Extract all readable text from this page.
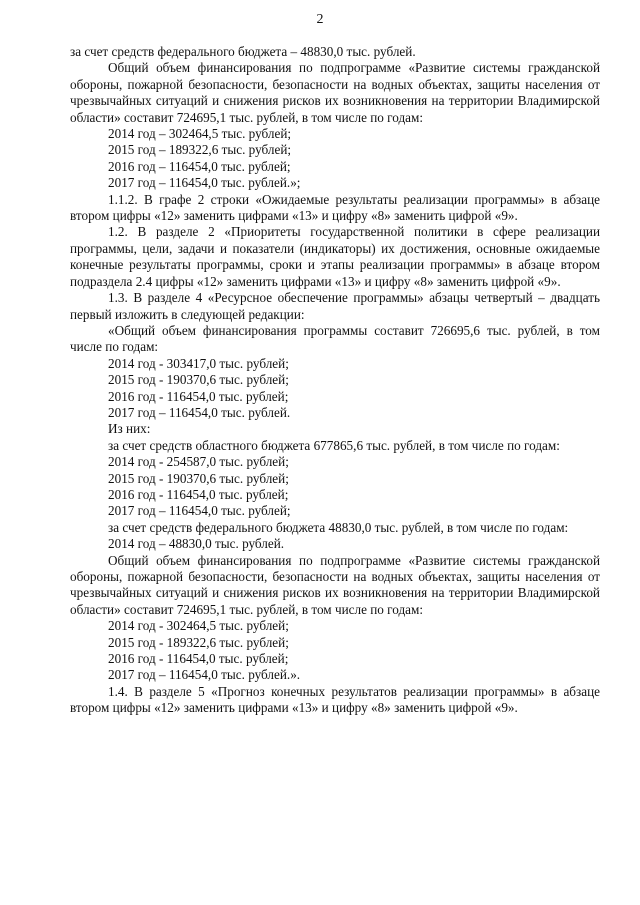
2

за счет средств федерального бюджета – 48830,0 тыс. рублей.

Общий объем финансирования по подпрограмме «Развитие системы гражданской обороны, пожарной безопасности, безопасности на водных объектах, защиты населения от чрезвычайных ситуаций и снижения рисков их возникновения на территории Владимирской области» составит 724695,1 тыс. рублей, в том числе по годам:

2014 год – 302464,5 тыс. рублей;

2015 год – 189322,6 тыс. рублей;

2016 год – 116454,0 тыс. рублей;

2017 год – 116454,0 тыс. рублей.»;

1.1.2. В графе 2 строки «Ожидаемые результаты реализации программы» в абзаце втором цифры «12» заменить цифрами «13» и цифру «8» заменить цифрой «9».

1.2. В разделе 2 «Приоритеты государственной политики в сфере реализации программы, цели, задачи и показатели (индикаторы) их достижения, основные ожидаемые конечные результаты программы, сроки и этапы реализации программы» в абзаце втором подраздела 2.4 цифры «12» заменить цифрами «13» и цифру «8» заменить цифрой «9».

1.3. В разделе 4 «Ресурсное обеспечение программы» абзацы четвертый – двадцать первый изложить в следующей редакции:

«Общий объем финансирования программы составит 726695,6 тыс. рублей, в том числе по годам:

2014 год - 303417,0 тыс. рублей;

2015 год - 190370,6 тыс. рублей;

2016 год - 116454,0 тыс. рублей;

2017 год – 116454,0 тыс. рублей.

Из них:

за счет средств областного бюджета 677865,6 тыс. рублей, в том числе по годам:

2014 год - 254587,0 тыс. рублей;

2015 год - 190370,6 тыс. рублей;

2016 год - 116454,0 тыс. рублей;

2017 год – 116454,0 тыс. рублей;

за счет средств федерального бюджета 48830,0 тыс. рублей, в том числе по годам:

2014 год – 48830,0 тыс. рублей.

Общий объем финансирования по подпрограмме «Развитие системы гражданской обороны, пожарной безопасности, безопасности на водных объектах, защиты населения от чрезвычайных ситуаций и снижения рисков их возникновения на территории Владимирской области» составит 724695,1 тыс. рублей, в том числе по годам:

2014 год - 302464,5 тыс. рублей;

2015 год - 189322,6 тыс. рублей;

2016 год - 116454,0 тыс. рублей;

2017 год – 116454,0 тыс. рублей.».

1.4. В разделе 5 «Прогноз конечных результатов реализации программы» в абзаце втором цифры «12» заменить цифрами «13» и цифру «8» заменить цифрой «9».
